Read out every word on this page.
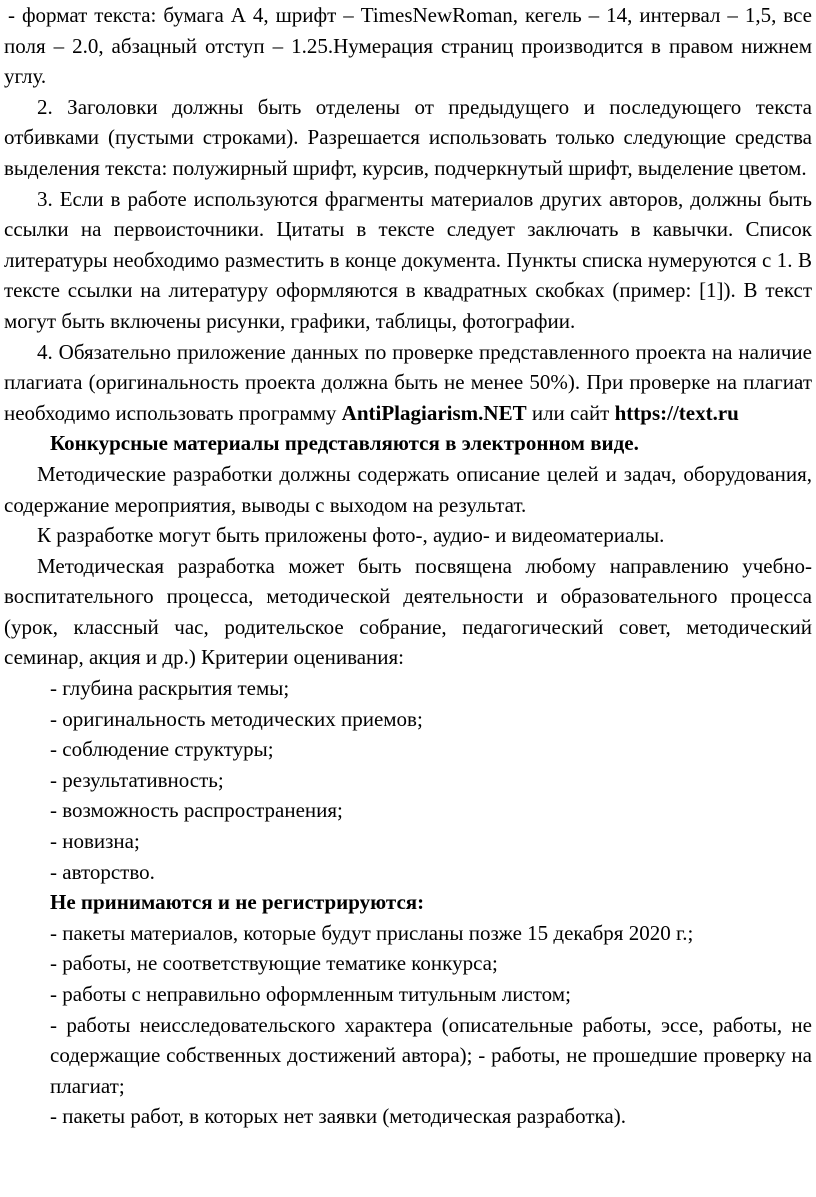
- формат текста: бумага А 4, шрифт – TimesNewRoman, кегель – 14, интервал – 1,5, все поля – 2.0, абзацный отступ – 1.25.Нумерация страниц производится в правом нижнем углу.

2. Заголовки должны быть отделены от предыдущего и последующего текста отбивками (пустыми строками). Разрешается использовать только следующие средства выделения текста: полужирный шрифт, курсив, подчеркнутый шрифт, выделение цветом.

3. Если в работе используются фрагменты материалов других авторов, должны быть ссылки на первоисточники. Цитаты в тексте следует заключать в кавычки. Список литературы необходимо разместить в конце документа. Пункты списка нумеруются с 1. В тексте ссылки на литературу оформляются в квадратных скобках (пример: [1]). В текст могут быть включены рисунки, графики, таблицы, фотографии.

4. Обязательно приложение данных по проверке представленного проекта на наличие плагиата (оригинальность проекта должна быть не менее 50%). При проверке на плагиат необходимо использовать программу AntiPlagiarism.NET или сайт https://text.ru

Конкурсные материалы представляются в электронном виде.

Методические разработки должны содержать описание целей и задач, оборудования, содержание мероприятия, выводы с выходом на результат.

К разработке могут быть приложены фото-, аудио- и видеоматериалы.

Методическая разработка может быть посвящена любому направлению учебно-воспитательного процесса, методической деятельности и образовательного процесса (урок, классный час, родительское собрание, педагогический совет, методический семинар, акция и др.) Критерии оценивания:

- глубина раскрытия темы;

- оригинальность методических приемов;

- соблюдение структуры;

- результативность;

- возможность распространения;

- новизна;

- авторство.

Не принимаются и не регистрируются:

- пакеты материалов, которые будут присланы позже 15 декабря 2020 г.;

- работы, не соответствующие тематике конкурса;

- работы с неправильно оформленным титульным листом;

- работы неисследовательского характера (описательные работы, эссе, работы, не содержащие собственных достижений автора); - работы, не прошедшие проверку на плагиат;

- пакеты работ, в которых нет заявки (методическая разработка).
